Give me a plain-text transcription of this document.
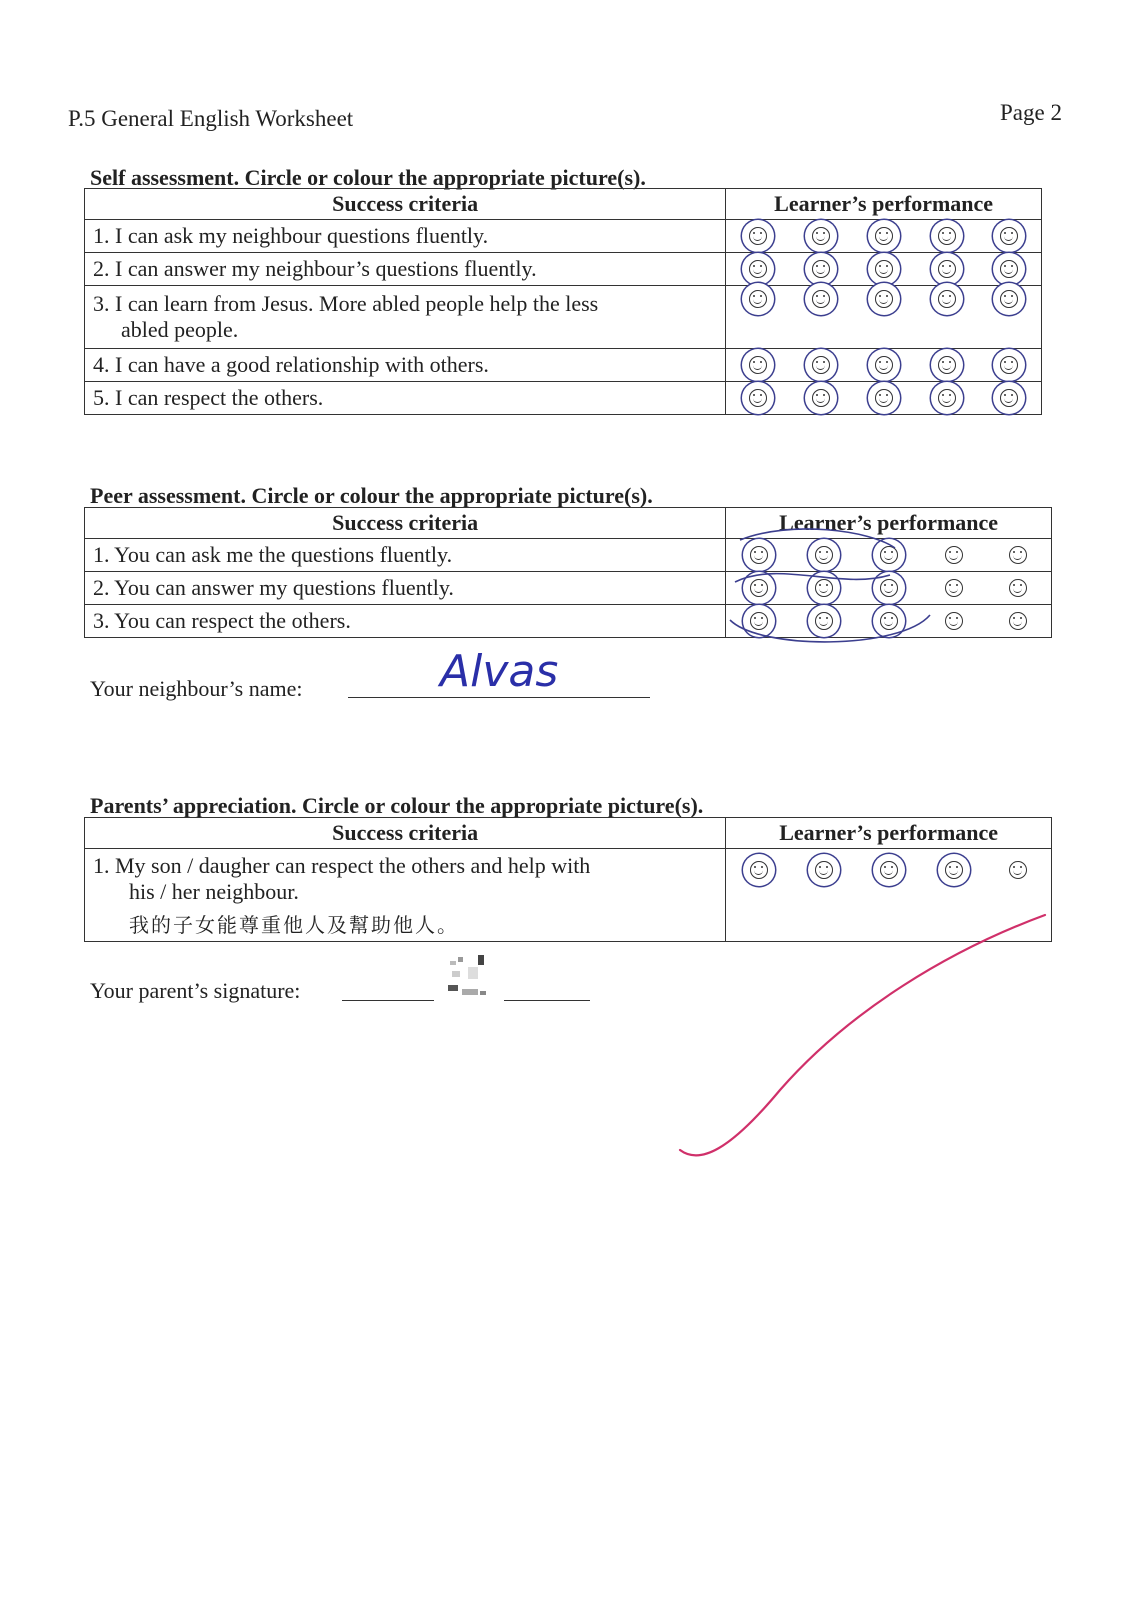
P.5 General English Worksheet	Page 2
Self assessment. Circle or colour the appropriate picture(s).
Success criteria	Learner’s performance
1. I can ask my neighbour questions fluently.	

2. I can answer my neighbour’s questions fluently.	

3. I can learn from Jesus. More abled people help the less
abled people.	

4. I can have a good relationship with others.	

5. I can respect the others.	
Peer assessment. Circle or colour the appropriate picture(s).
Success criteria	Learner’s performance
1. You can ask me the questions fluently.	

2. You can answer my questions fluently.	

3. You can respect the others.	
Your neighbour’s name:	Alvas
Parents’ appreciation. Circle or colour the appropriate picture(s).
Success criteria	Learner’s performance

1. My son / daugher can respect the others and help with
his / her neighbour.
我的子女能尊重他人及幫助他人。	

Your parent’s signature:
